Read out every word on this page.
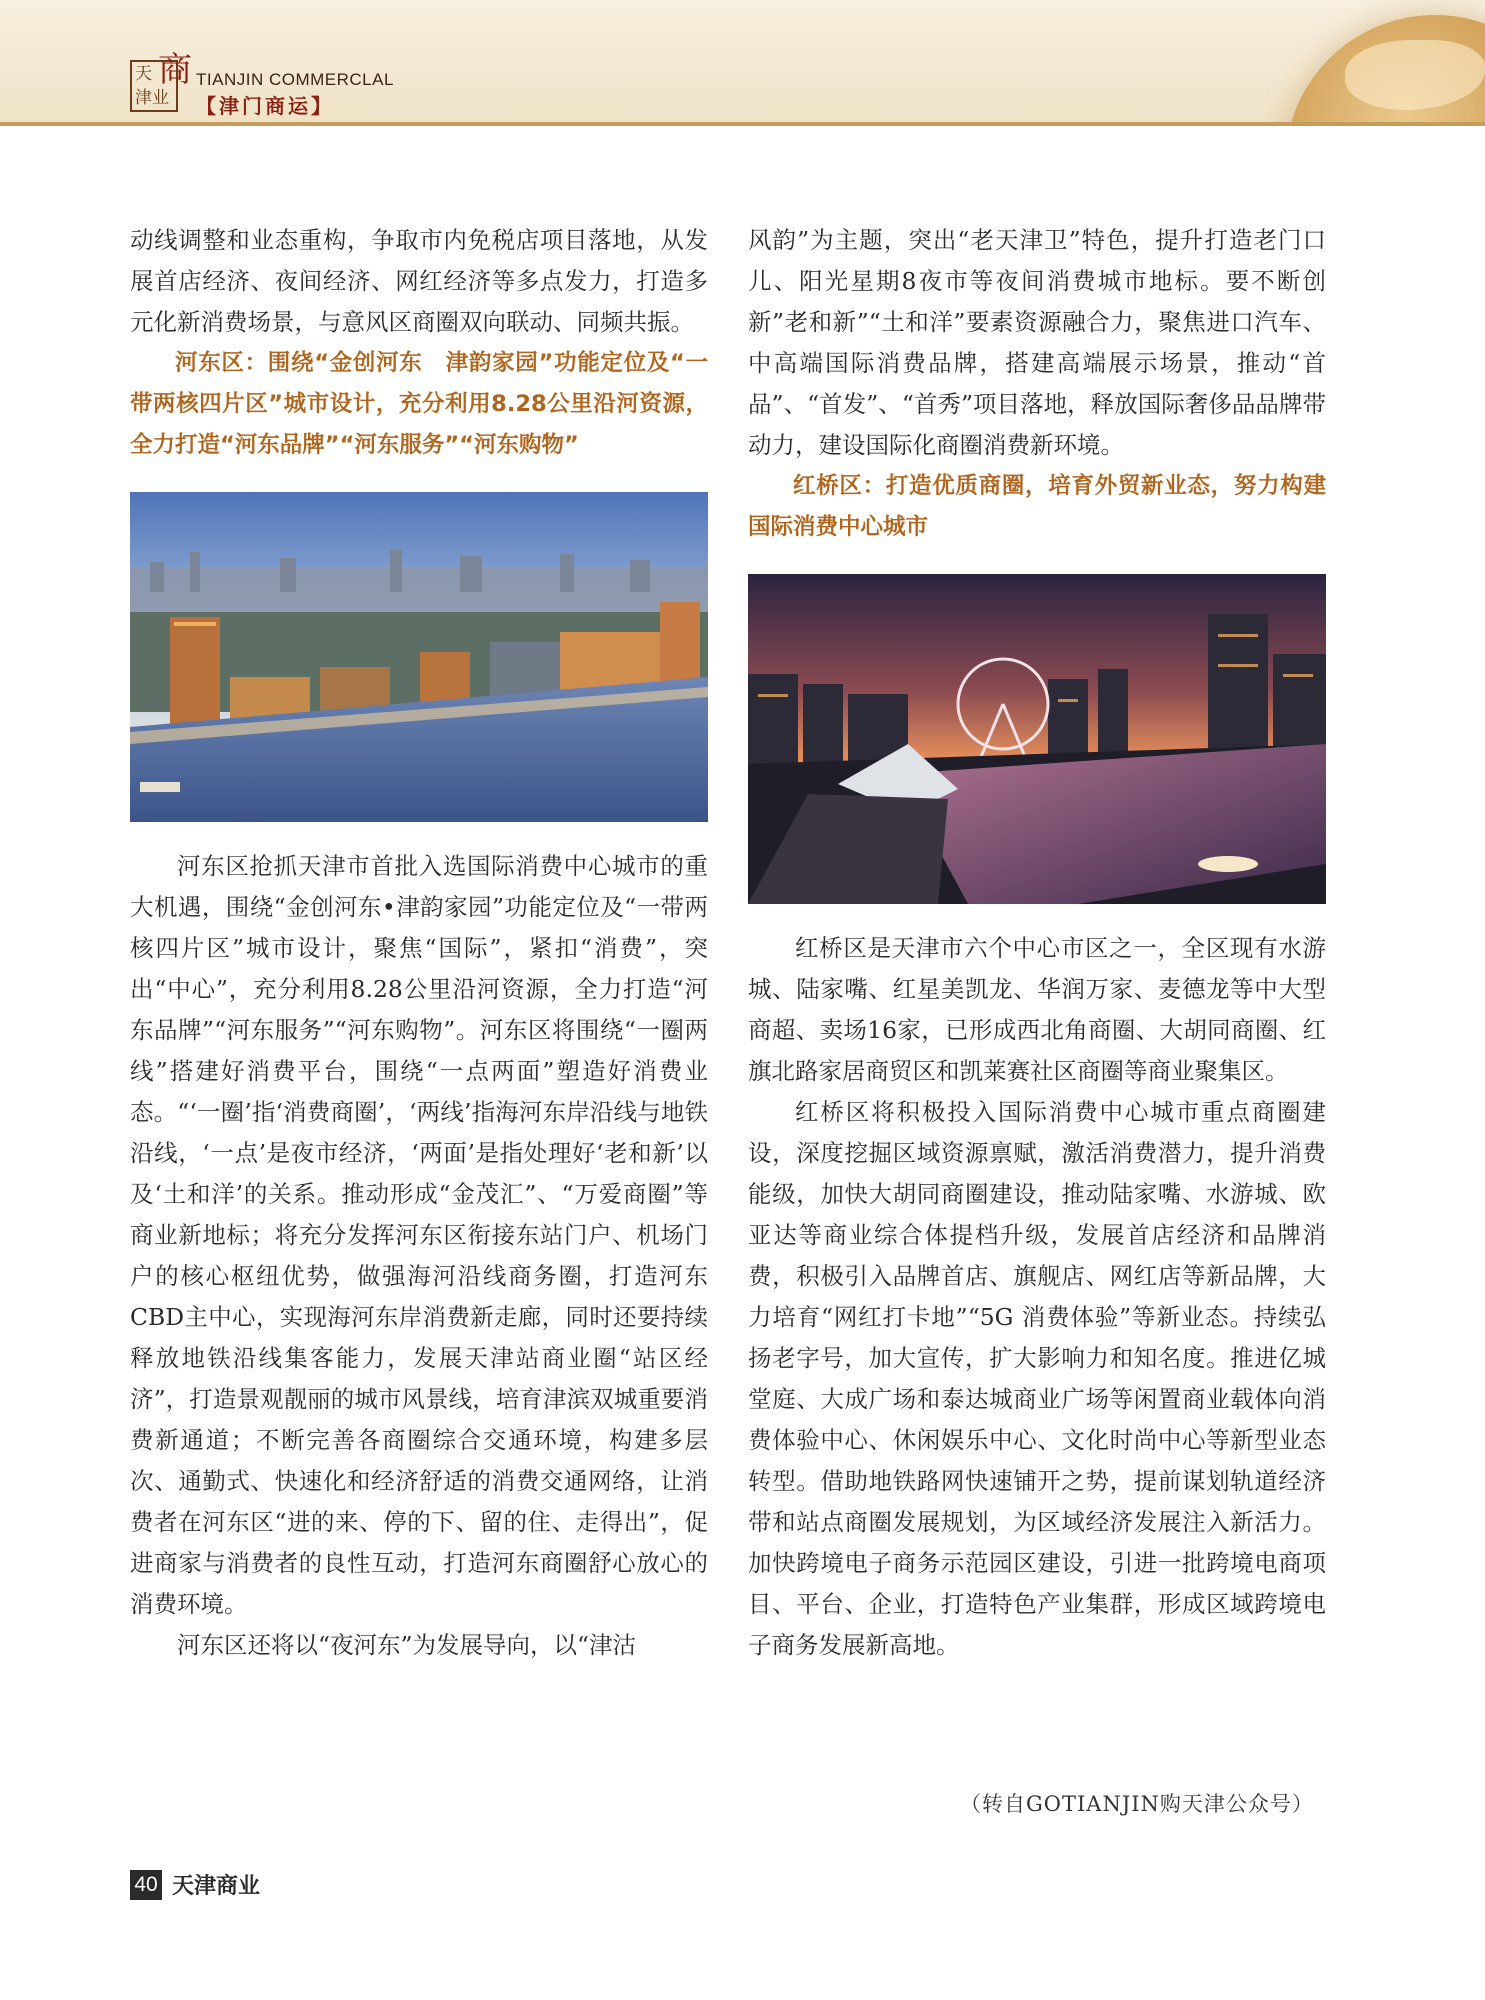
天
津业
商 TIANJIN COMMERCLAL
【津门商运】

动线调整和业态重构，争取市内免税店项目落地，从发展首店经济、夜间经济、网红经济等多点发力，打造多元化新消费场景，与意风区商圈双向联动、同频共振。

河东区：围绕“金创河东　津韵家园”功能定位及“一带两核四片区”城市设计，充分利用8.28公里沿河资源，全力打造“河东品牌”“河东服务”“河东购物”

河东区抢抓天津市首批入选国际消费中心城市的重大机遇，围绕“金创河东•津韵家园”功能定位及“一带两核四片区”城市设计，聚焦“国际”，紧扣“消费”，突出“中心”，充分利用8.28公里沿河资源，全力打造“河东品牌”“河东服务”“河东购物”。河东区将围绕“一圈两线”搭建好消费平台，围绕“一点两面”塑造好消费业态。“‘一圈’指‘消费商圈’，‘两线’指海河东岸沿线与地铁沿线，‘一点’是夜市经济，‘两面’是指处理好‘老和新’以及‘土和洋’的关系。推动形成“金茂汇”、“万爱商圈”等商业新地标；将充分发挥河东区衔接东站门户、机场门户的核心枢纽优势，做强海河沿线商务圈，打造河东CBD主中心，实现海河东岸消费新走廊，同时还要持续释放地铁沿线集客能力，发展天津站商业圈“站区经济”，打造景观靓丽的城市风景线，培育津滨双城重要消费新通道；不断完善各商圈综合交通环境，构建多层次、通勤式、快速化和经济舒适的消费交通网络，让消费者在河东区“进的来、停的下、留的住、走得出”，促进商家与消费者的良性互动，打造河东商圈舒心放心的消费环境。

河东区还将以“夜河东”为发展导向，以“津沽

风韵”为主题，突出“老天津卫”特色，提升打造老门口儿、阳光星期8夜市等夜间消费城市地标。要不断创新”老和新”“土和洋”要素资源融合力，聚焦进口汽车、中高端国际消费品牌，搭建高端展示场景，推动“首品”、“首发”、“首秀”项目落地，释放国际奢侈品品牌带动力，建设国际化商圈消费新环境。

红桥区：打造优质商圈，培育外贸新业态，努力构建国际消费中心城市

红桥区是天津市六个中心市区之一，全区现有水游城、陆家嘴、红星美凯龙、华润万家、麦德龙等中大型商超、卖场16家，已形成西北角商圈、大胡同商圈、红旗北路家居商贸区和凯莱赛社区商圈等商业聚集区。

红桥区将积极投入国际消费中心城市重点商圈建设，深度挖掘区域资源禀赋，激活消费潜力，提升消费能级，加快大胡同商圈建设，推动陆家嘴、水游城、欧亚达等商业综合体提档升级，发展首店经济和品牌消费，积极引入品牌首店、旗舰店、网红店等新品牌，大力培育“网红打卡地”“5G 消费体验”等新业态。持续弘扬老字号，加大宣传，扩大影响力和知名度。推进亿城堂庭、大成广场和泰达城商业广场等闲置商业载体向消费体验中心、休闲娱乐中心、文化时尚中心等新型业态转型。借助地铁路网快速铺开之势，提前谋划轨道经济带和站点商圈发展规划，为区域经济发展注入新活力。加快跨境电子商务示范园区建设，引进一批跨境电商项目、平台、企业，打造特色产业集群，形成区域跨境电子商务发展新高地。

（转自GOTIANJIN购天津公众号）
40 天津商业
